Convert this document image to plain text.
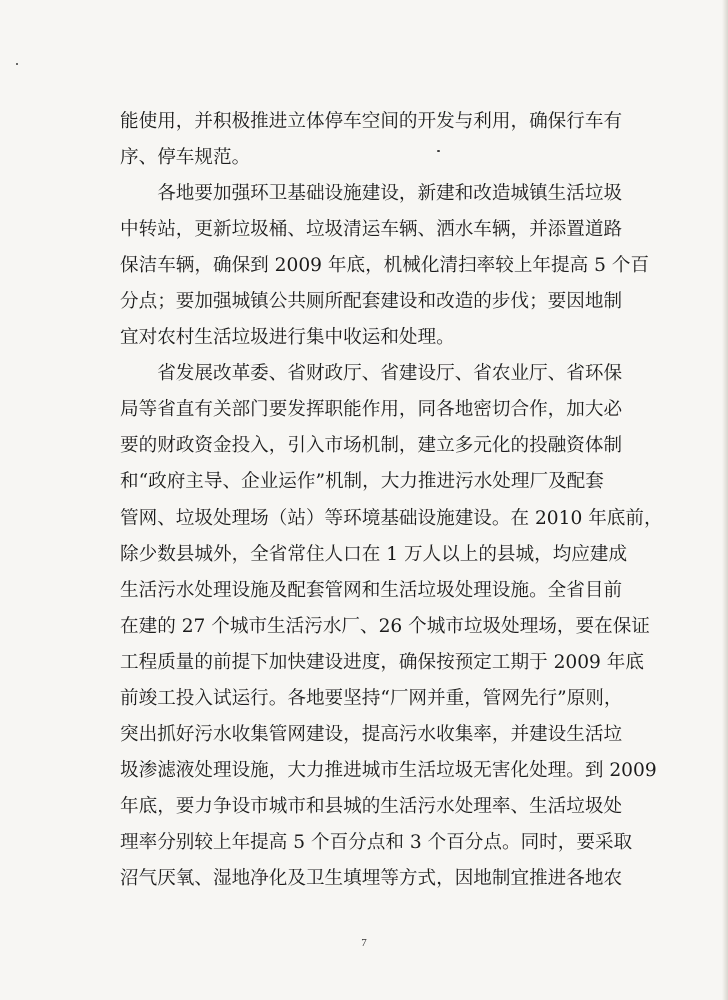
能使用，并积极推进立体停车空间的开发与利用，确保行车有
序、停车规范。
　　各地要加强环卫基础设施建设，新建和改造城镇生活垃圾
中转站，更新垃圾桶、垃圾清运车辆、洒水车辆，并添置道路
保洁车辆，确保到 2009 年底，机械化清扫率较上年提高 5 个百
分点；要加强城镇公共厕所配套建设和改造的步伐；要因地制
宜对农村生活垃圾进行集中收运和处理。
　　省发展改革委、省财政厅、省建设厅、省农业厅、省环保
局等省直有关部门要发挥职能作用，同各地密切合作，加大必
要的财政资金投入，引入市场机制，建立多元化的投融资体制
和“政府主导、企业运作”机制，大力推进污水处理厂及配套
管网、垃圾处理场（站）等环境基础设施建设。在 2010 年底前，
除少数县城外，全省常住人口在 1 万人以上的县城，均应建成
生活污水处理设施及配套管网和生活垃圾处理设施。全省目前
在建的 27 个城市生活污水厂、26 个城市垃圾处理场，要在保证
工程质量的前提下加快建设进度，确保按预定工期于 2009 年底
前竣工投入试运行。各地要坚持“厂网并重，管网先行”原则，
突出抓好污水收集管网建设，提高污水收集率，并建设生活垃
圾渗滤液处理设施，大力推进城市生活垃圾无害化处理。到 2009
年底，要力争设市城市和县城的生活污水处理率、生活垃圾处
理率分别较上年提高 5 个百分点和 3 个百分点。同时，要采取
沼气厌氧、湿地净化及卫生填埋等方式，因地制宜推进各地农
7
